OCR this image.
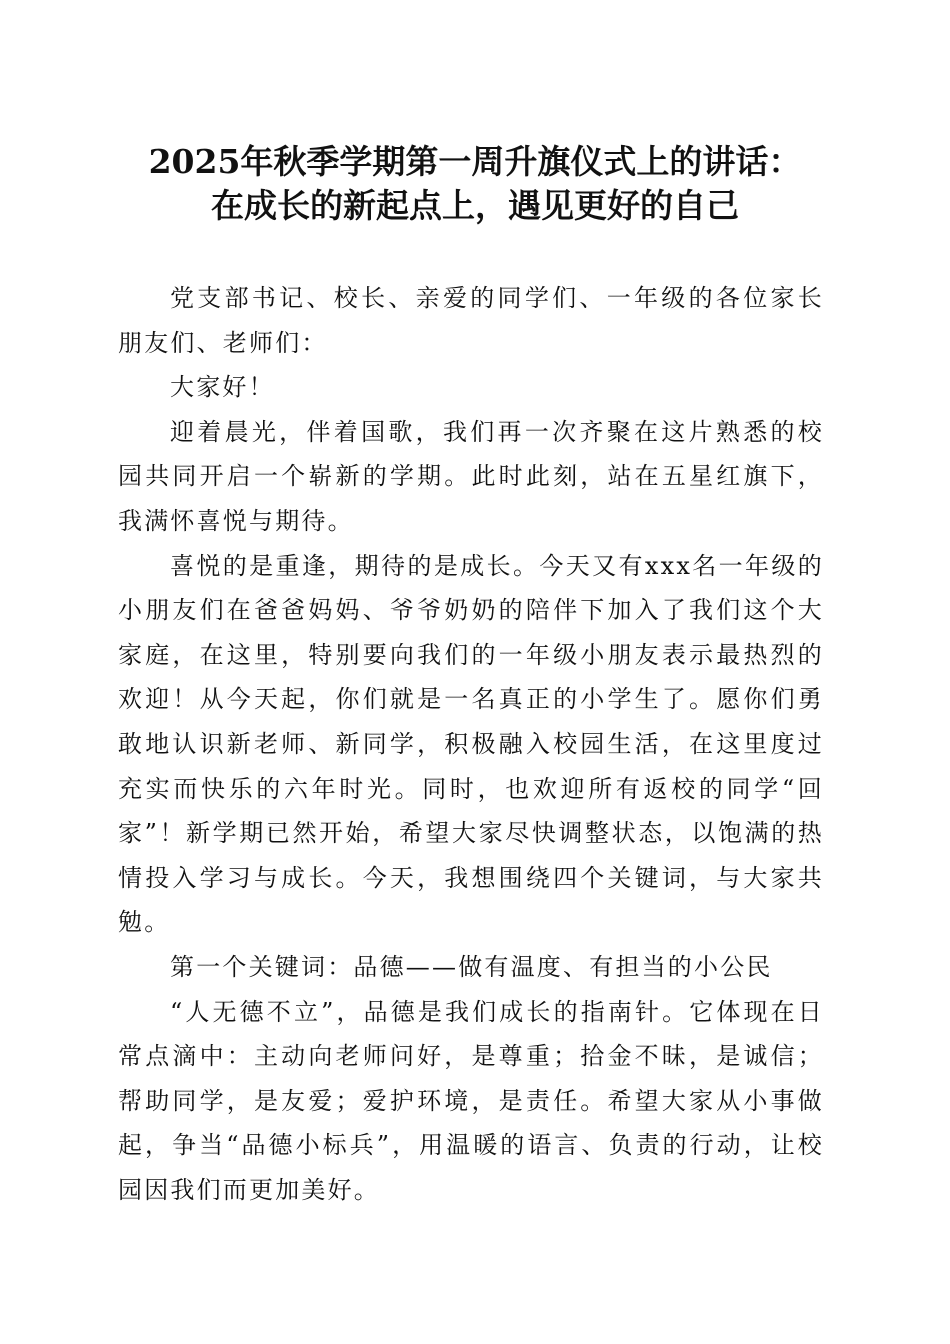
2025年秋季学期第一周升旗仪式上的讲话：
在成长的新起点上，遇见更好的自己

党支部书记、校长、亲爱的同学们、一年级的各位家长朋友们、老师们：

大家好！

迎着晨光，伴着国歌，我们再一次齐聚在这片熟悉的校园共同开启一个崭新的学期。此时此刻，站在五星红旗下，我满怀喜悦与期待。

喜悦的是重逢，期待的是成长。今天又有xxx名一年级的小朋友们在爸爸妈妈、爷爷奶奶的陪伴下加入了我们这个大家庭，在这里，特别要向我们的一年级小朋友表示最热烈的欢迎！从今天起，你们就是一名真正的小学生了。愿你们勇敢地认识新老师、新同学，积极融入校园生活，在这里度过充实而快乐的六年时光。同时，也欢迎所有返校的同学“回家”！新学期已然开始，希望大家尽快调整状态，以饱满的热情投入学习与成长。今天，我想围绕四个关键词，与大家共勉。

第一个关键词：品德——做有温度、有担当的小公民

“人无德不立”，品德是我们成长的指南针。它体现在日常点滴中：主动向老师问好，是尊重；拾金不昧，是诚信；帮助同学，是友爱；爱护环境，是责任。希望大家从小事做起，争当“品德小标兵”，用温暖的语言、负责的行动，让校园因我们而更加美好。
